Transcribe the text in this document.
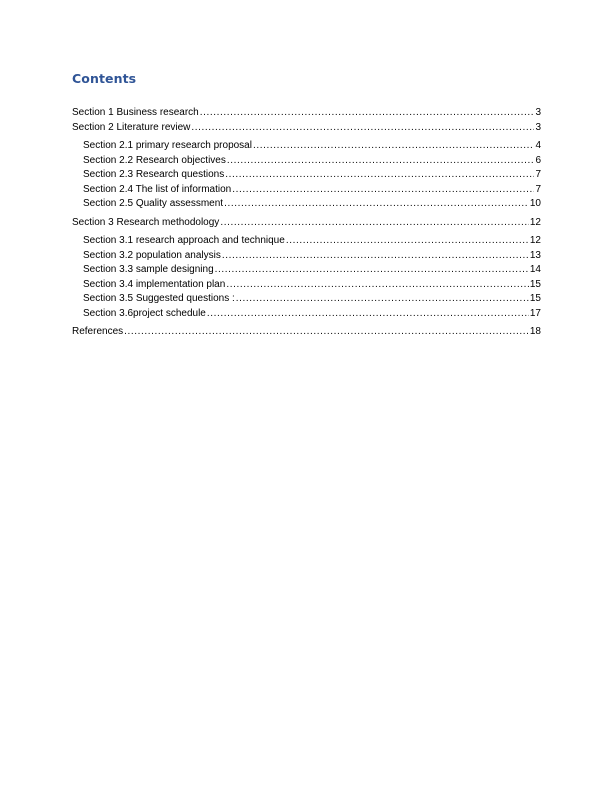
Contents
Section 1 Business research .....	3
Section 2 Literature review .....	3
Section 2.1 primary research proposal .....	4
Section 2.2 Research objectives .....	6
Section 2.3 Research questions .....	7
Section 2.4 The list of information .....	7
Section 2.5 Quality assessment .....	10
Section 3 Research methodology .....	12
Section 3.1 research approach and technique .....	12
Section 3.2 population analysis .....	13
Section 3.3 sample designing .....	14
Section 3.4 implementation plan .....	15
Section 3.5 Suggested questions : .....	15
Section 3.6project schedule .....	17
References .....	18
